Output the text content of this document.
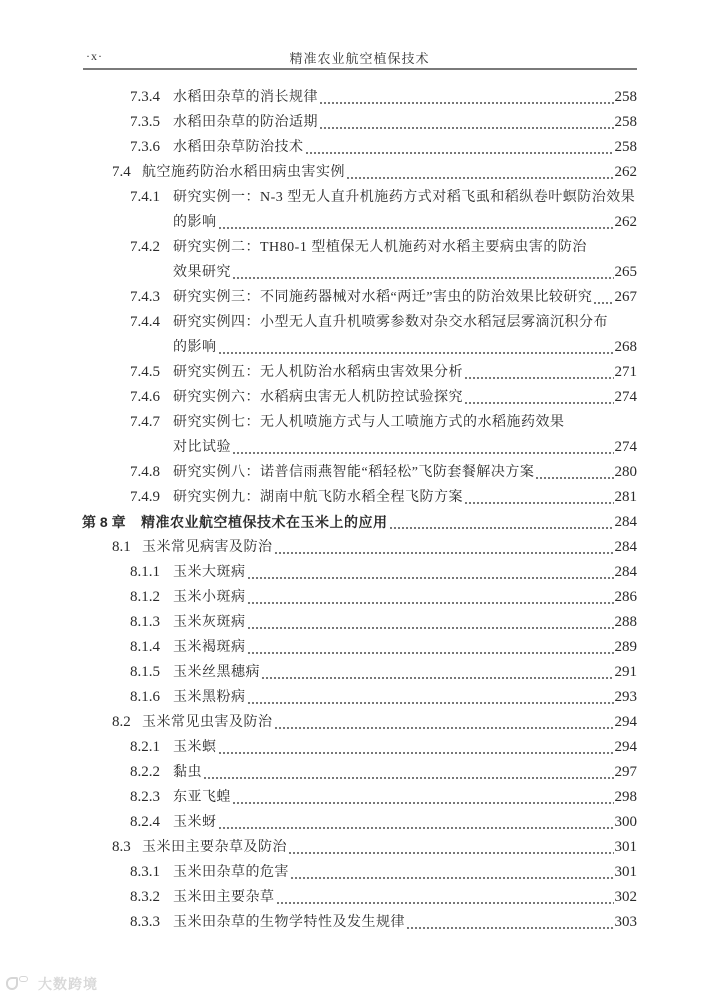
·x·	精准农业航空植保技术
7.3.4 水稻田杂草的消长规律	258
7.3.5 水稻田杂草的防治适期	258
7.3.6 水稻田杂草防治技术	258
7.4 航空施药防治水稻田病虫害实例	262
7.4.1 研究实例一：N-3 型无人直升机施药方式对稻飞虱和稻纵卷叶螟防治效果
的影响	262
7.4.2 研究实例二：TH80-1 型植保无人机施药对水稻主要病虫害的防治
效果研究	265
7.4.3 研究实例三：不同施药器械对水稻“两迁”害虫的防治效果比较研究 267
7.4.4 研究实例四：小型无人直升机喷雾参数对杂交水稻冠层雾滴沉积分布
的影响	268
7.4.5 研究实例五：无人机防治水稻病虫害效果分析	271
7.4.6 研究实例六：水稻病虫害无人机防控试验探究	274
7.4.7 研究实例七：无人机喷施方式与人工喷施方式的水稻施药效果
对比试验	274
7.4.8 研究实例八：诺普信雨燕智能“稻轻松”飞防套餐解决方案	280
7.4.9 研究实例九：湖南中航飞防水稻全程飞防方案	281
第 8 章 精准农业航空植保技术在玉米上的应用	284
8.1 玉米常见病害及防治	284
8.1.1 玉米大斑病	284
8.1.2 玉米小斑病	286
8.1.3 玉米灰斑病	288
8.1.4 玉米褐斑病	289
8.1.5 玉米丝黑穗病	291
8.1.6 玉米黑粉病	293
8.2 玉米常见虫害及防治	294
8.2.1 玉米螟	294
8.2.2 黏虫	297
8.2.3 东亚飞蝗	298
8.2.4 玉米蚜	300
8.3 玉米田主要杂草及防治	301
8.3.1 玉米田杂草的危害	301
8.3.2 玉米田主要杂草	302
8.3.3 玉米田杂草的生物学特性及发生规律	303
大数跨境
